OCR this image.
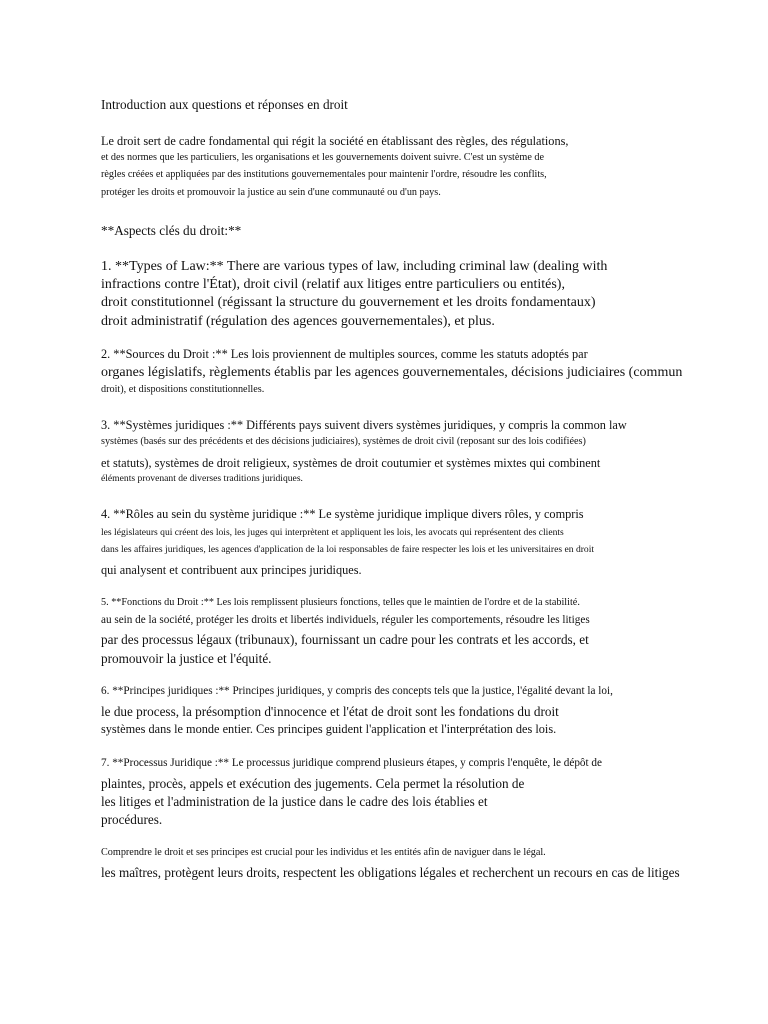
Introduction aux questions et réponses en droit
Le droit sert de cadre fondamental qui régit la société en établissant des règles, des régulations,
et des normes que les particuliers, les organisations et les gouvernements doivent suivre. C'est un système de
règles créées et appliquées par des institutions gouvernementales pour maintenir l'ordre, résoudre les conflits,
protéger les droits et promouvoir la justice au sein d'une communauté ou d'un pays.
**Aspects clés du droit:**
1. **Types of Law:** There are various types of law, including criminal law (dealing with
infractions contre l'État), droit civil (relatif aux litiges entre particuliers ou entités),
droit constitutionnel (régissant la structure du gouvernement et les droits fondamentaux)
droit administratif (régulation des agences gouvernementales), et plus.
2. **Sources du Droit :** Les lois proviennent de multiples sources, comme les statuts adoptés par
organes législatifs, règlements établis par les agences gouvernementales, décisions judiciaires (commun
droit), et dispositions constitutionnelles.
3. **Systèmes juridiques :** Différents pays suivent divers systèmes juridiques, y compris la common law
systèmes (basés sur des précédents et des décisions judiciaires), systèmes de droit civil (reposant sur des lois codifiées)
et statuts), systèmes de droit religieux, systèmes de droit coutumier et systèmes mixtes qui combinent
éléments provenant de diverses traditions juridiques.
4. **Rôles au sein du système juridique :** Le système juridique implique divers rôles, y compris
les législateurs qui créent des lois, les juges qui interprètent et appliquent les lois, les avocats qui représentent des clients
dans les affaires juridiques, les agences d'application de la loi responsables de faire respecter les lois et les universitaires en droit
qui analysent et contribuent aux principes juridiques.
5. **Fonctions du Droit :** Les lois remplissent plusieurs fonctions, telles que le maintien de l'ordre et de la stabilité.
au sein de la société, protéger les droits et libertés individuels, réguler les comportements, résoudre les litiges
par des processus légaux (tribunaux), fournissant un cadre pour les contrats et les accords, et
promouvoir la justice et l'équité.
6. **Principes juridiques :** Principes juridiques, y compris des concepts tels que la justice, l'égalité devant la loi,
le due process, la présomption d'innocence et l'état de droit sont les fondations du droit
systèmes dans le monde entier. Ces principes guident l'application et l'interprétation des lois.
7. **Processus Juridique :** Le processus juridique comprend plusieurs étapes, y compris l'enquête, le dépôt de
plaintes, procès, appels et exécution des jugements. Cela permet la résolution de
les litiges et l'administration de la justice dans le cadre des lois établies et
procédures.
Comprendre le droit et ses principes est crucial pour les individus et les entités afin de naviguer dans le légal.
les maîtres, protègent leurs droits, respectent les obligations légales et recherchent un recours en cas de litiges
